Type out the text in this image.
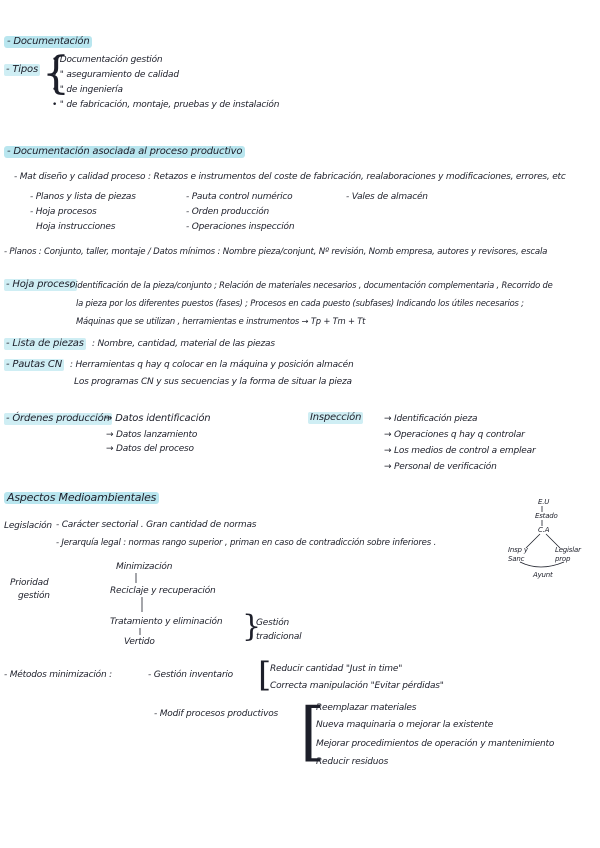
- Documentación
- Tipos {
• Documentación gestión
• " aseguramiento de calidad
• " de ingeniería
• " de fabricación, montaje, pruebas y de instalación
- Documentación asociada al proceso productivo
- Mat diseño y calidad proceso : Retazos e instrumentos del coste de fabricación, realaboraciones y modificaciones, errores, etc
- Planos y lista de piezas
- Hoja procesos
Hoja instrucciones
- Pauta control numérico
- Orden producción
- Operaciones inspección
- Vales de almacén
- Planos : Conjunto, taller, montaje / Datos mínimos : Nombre pieza/conjunt, Nº revisión, Nomb empresa, autores y revisores, escala
- Hoja proceso
: identificación de la pieza/conjunto ; Relación de materiales necesarios , documentación complementaria , Recorrido de
la pieza por los diferentes puestos (fases) ; Procesos en cada puesto (subfases) Indicando los útiles necesarios ;
Máquinas que se utilizan , herramientas e instrumentos → Tp + Tm + Tt
- Lista de piezas : Nombre, cantidad, material de las piezas
- Pautas CN : Herramientas q hay q colocar en la máquina y posición almacén
Los programas CN y sus secuencias y la forma de situar la pieza
- Órdenes producción
→ Datos identificación
→ Datos lanzamiento
→ Datos del proceso
Inspección	→ Identificación pieza
→ Operaciones q hay q controlar
→ Los medios de control a emplear
→ Personal de verificación
Aspectos Medioambientales
Legislación - Carácter sectorial . Gran cantidad de normas
- Jerarquía legal : normas rango superior , priman en caso de contradicción sobre inferiores .
E.U
Estado
C.A
Insp y Sanc
Legislar prop
Ayunt
Prioridad
gestión
Minimización
Reciclaje y recuperación
Tratamiento y eliminación
Vertido	}
Gestión
tradicional
- Métodos minimización :	- Gestión inventario [
Reducir cantidad "Just in time"
Correcta manipulación "Evitar pérdidas"
- Modif procesos productivos [
Reemplazar materiales
Nueva maquinaria o mejorar la existente
Mejorar procedimientos de operación y mantenimiento
Reducir residuos
